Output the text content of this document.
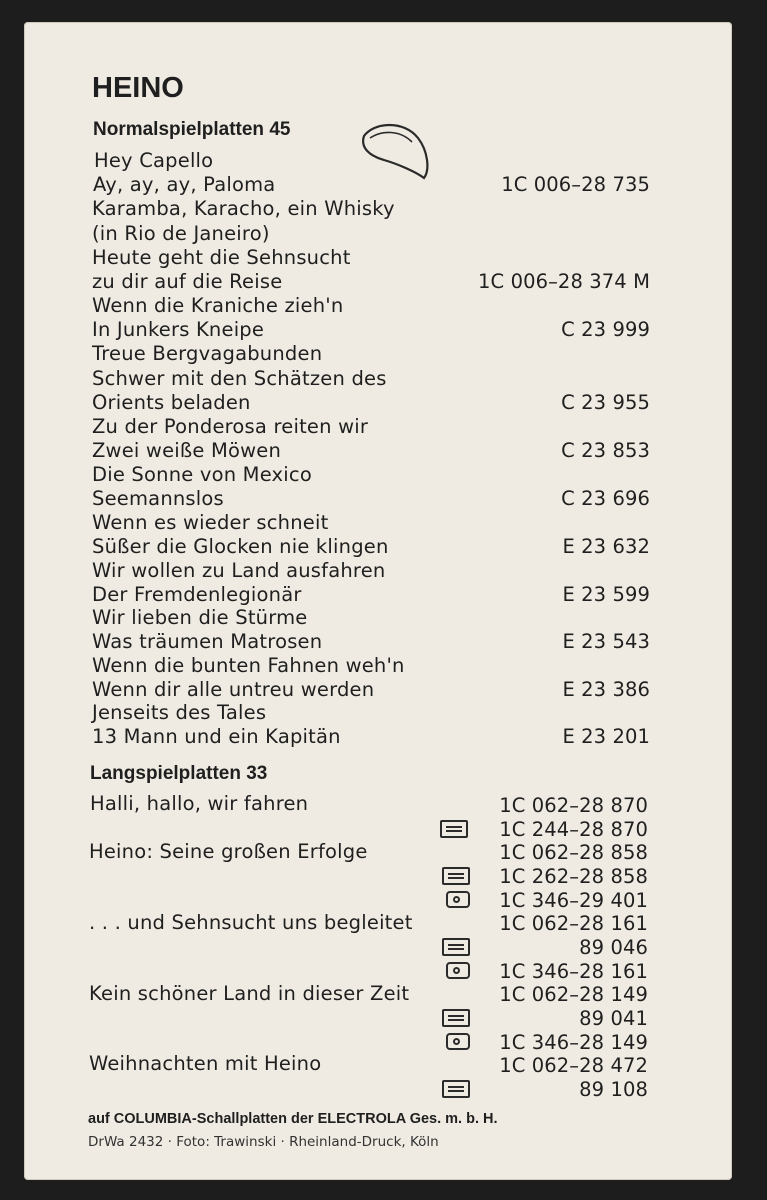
HEINO
Normalspielplatten 45
Hey Capello
Ay, ay, ay, Paloma
Karamba, Karacho, ein Whisky
(in Rio de Janeiro)
Heute geht die Sehnsucht
zu dir auf die Reise
Wenn die Kraniche zieh'n
In Junkers Kneipe
Treue Bergvagabunden
Schwer mit den Schätzen des
Orients beladen
Zu der Ponderosa reiten wir
Zwei weiße Möwen
Die Sonne von Mexico
Seemannslos
Wenn es wieder schneit
Süßer die Glocken nie klingen
Wir wollen zu Land ausfahren
Der Fremdenlegionär
Wir lieben die Stürme
Was träumen Matrosen
Wenn die bunten Fahnen weh'n
Wenn dir alle untreu werden
Jenseits des Tales
13 Mann und ein Kapitän
1C 006–28 735
1C 006–28 374 M
C 23 999
C 23 955
C 23 853
C 23 696
E 23 632
E 23 599
E 23 543
E 23 386
E 23 201
Langspielplatten 33
Halli, hallo, wir fahren
Heino: Seine großen Erfolge
. . . und Sehnsucht uns begleitet
Kein schöner Land in dieser Zeit
Weihnachten mit Heino
1C 062–28 870
1C 244–28 870
1C 062–28 858
1C 262–28 858
1C 346–29 401
1C 062–28 161
89 046
1C 346–28 161
1C 062–28 149
89 041
1C 346–28 149
1C 062–28 472
89 108
auf COLUMBIA-Schallplatten der ELECTROLA Ges. m. b. H.
DrWa 2432 · Foto: Trawinski · Rheinland-Druck, Köln
